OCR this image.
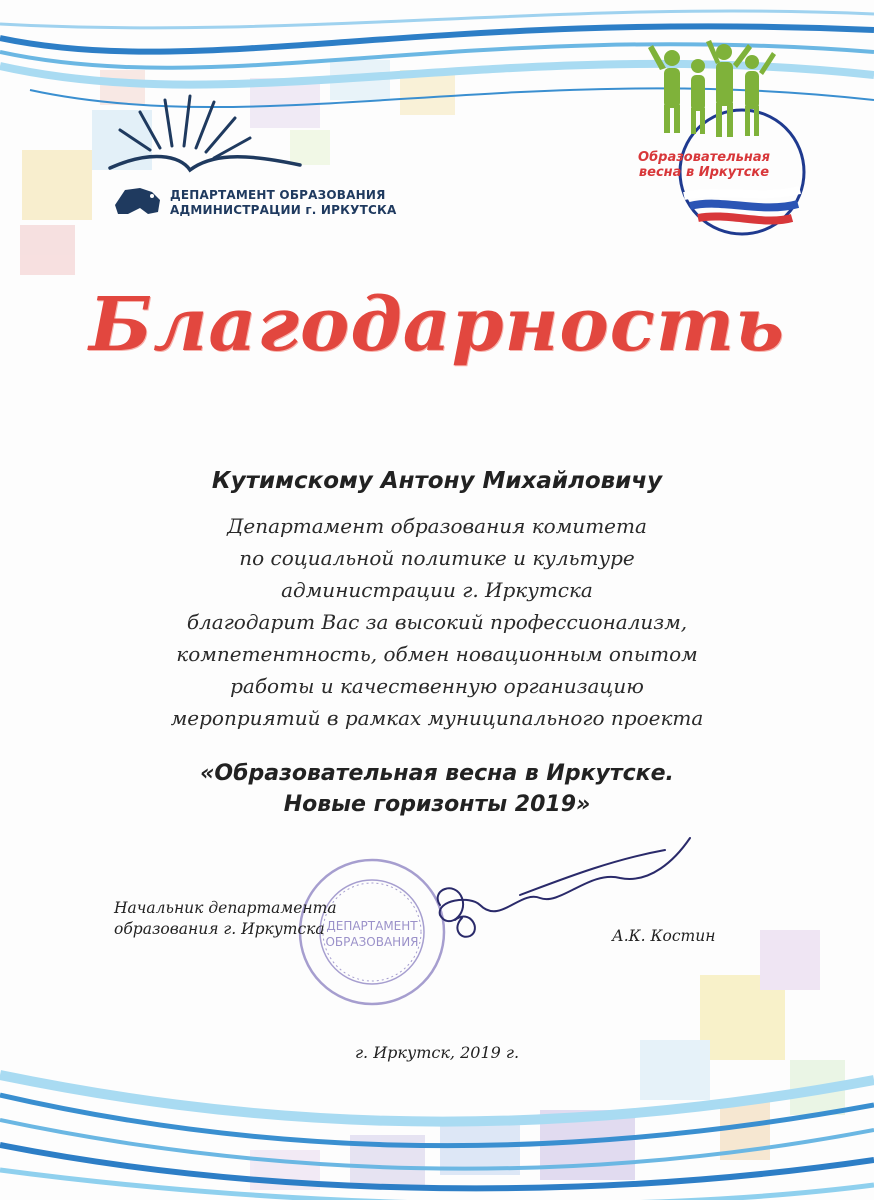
ДЕПАРТАМЕНТ ОБРАЗОВАНИЯ
АДМИНИСТРАЦИИ г. ИРКУТСКА
Образовательная
весна в Иркутске
Благодарность
Кутимскому Антону Михайловичу
Департамент образования комитета
по социальной политике и культуре
администрации г. Иркутска
благодарит Вас за высокий профессионализм,
компетентность, обмен новационным опытом
работы и качественную организацию
мероприятий в рамках муниципального проекта
«Образовательная весна в Иркутске.
Новые горизонты 2019»
ДЕПАРТАМЕНТ
ОБРАЗОВАНИЯ
Начальник департамента
образования г. Иркутска	А.К. Костин
г. Иркутск, 2019 г.
